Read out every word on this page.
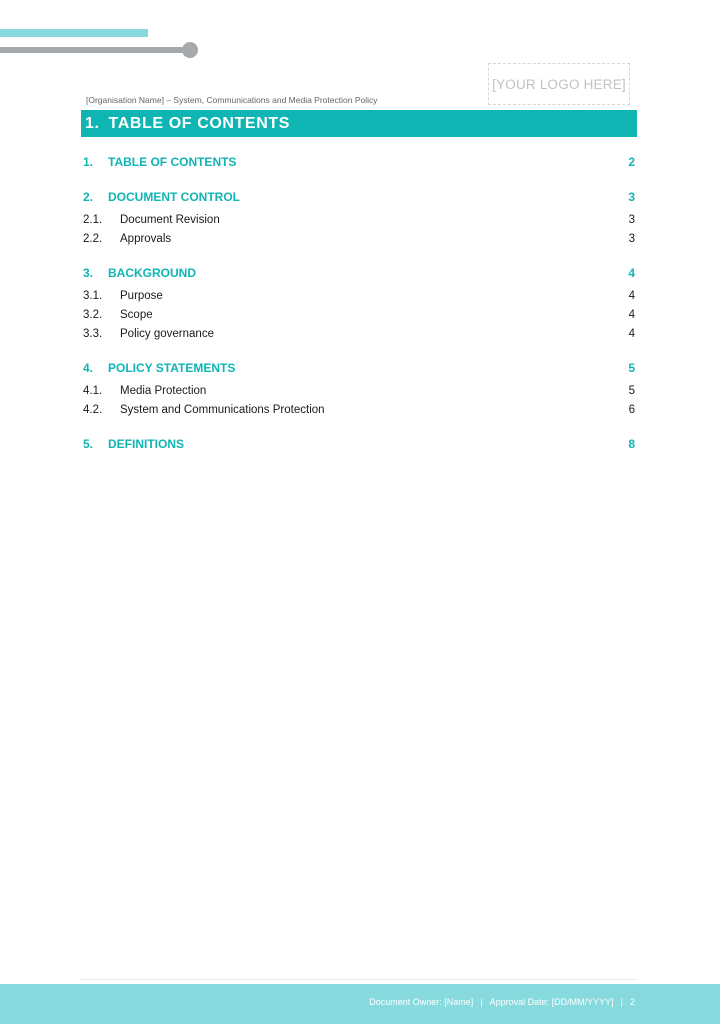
[YOUR LOGO HERE]
[Organisation Name] – System, Communications and Media Protection Policy
1. TABLE OF CONTENTS
1.	TABLE OF CONTENTS	2
2.	DOCUMENT CONTROL	3
2.1.	Document Revision	3
2.2.	Approvals	3
3.	BACKGROUND	4
3.1.	Purpose	4
3.2.	Scope	4
3.3.	Policy governance	4
4.	POLICY STATEMENTS	5
4.1.	Media Protection	5
4.2.	System and Communications Protection	6
5.	DEFINITIONS	8
Document Owner: [Name] | Approval Date: [DD/MM/YYYY] | 2
